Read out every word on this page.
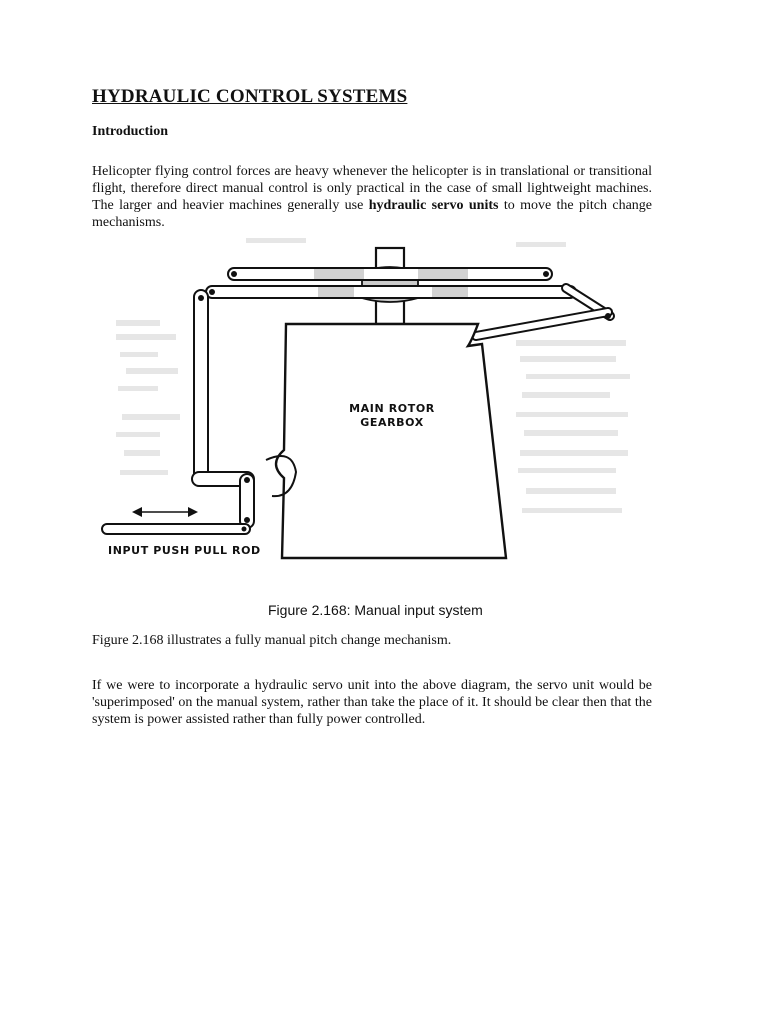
HYDRAULIC CONTROL SYSTEMS
Introduction

Helicopter flying control forces are heavy whenever the helicopter is in translational or transitional flight, therefore direct manual control is only practical in the case of small lightweight machines. The larger and heavier machines generally use hydraulic servo units to move the pitch change mechanisms.

MAIN ROTOR
GEARBOX
INPUT PUSH PULL ROD

Figure 2.168: Manual input system

Figure 2.168 illustrates a fully manual pitch change mechanism.

If we were to incorporate a hydraulic servo unit into the above diagram, the servo unit would be 'superimposed' on the manual system, rather than take the place of it. It should be clear then that the system is power assisted rather than fully power controlled.
